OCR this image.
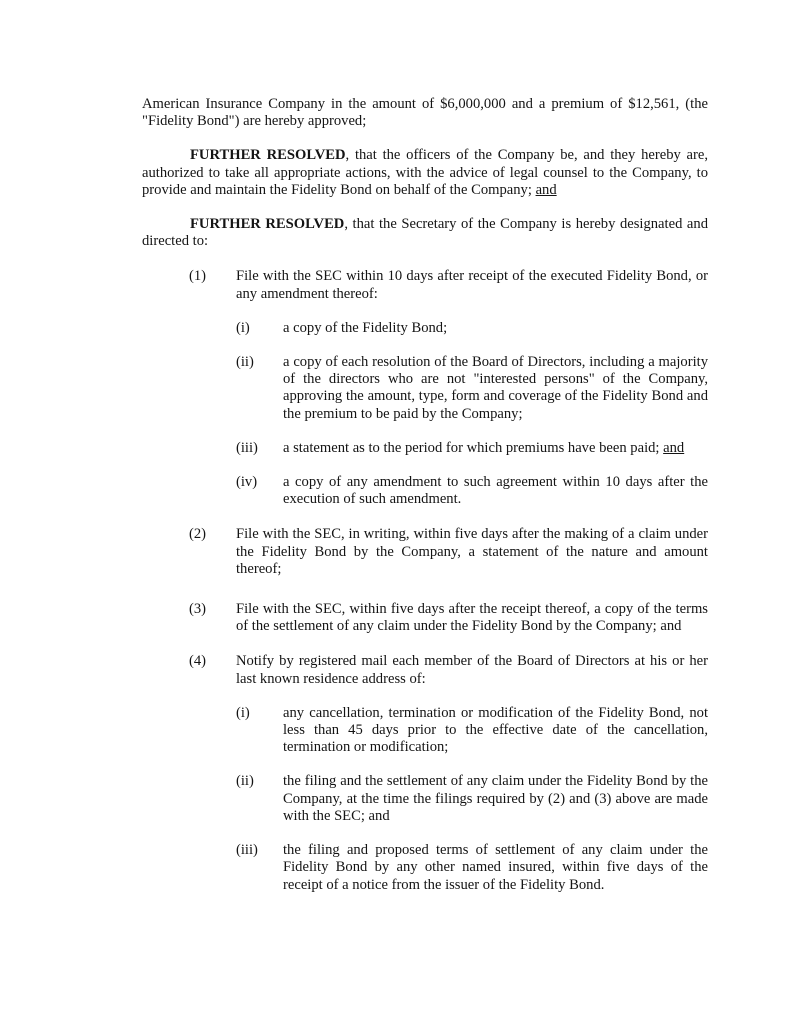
American Insurance Company in the amount of $6,000,000 and a premium of $12,561, (the "Fidelity Bond") are hereby approved;

FURTHER RESOLVED, that the officers of the Company be, and they hereby are, authorized to take all appropriate actions, with the advice of legal counsel to the Company, to provide and maintain the Fidelity Bond on behalf of the Company; and

FURTHER RESOLVED, that the Secretary of the Company is hereby designated and directed to:

(1) File with the SEC within 10 days after receipt of the executed Fidelity Bond, or any amendment thereof:

(i) a copy of the Fidelity Bond;

(ii) a copy of each resolution of the Board of Directors, including a majority of the directors who are not "interested persons" of the Company, approving the amount, type, form and coverage of the Fidelity Bond and the premium to be paid by the Company;

(iii) a statement as to the period for which premiums have been paid; and

(iv) a copy of any amendment to such agreement within 10 days after the execution of such amendment.

(2) File with the SEC, in writing, within five days after the making of a claim under the Fidelity Bond by the Company, a statement of the nature and amount thereof;

(3) File with the SEC, within five days after the receipt thereof, a copy of the terms of the settlement of any claim under the Fidelity Bond by the Company; and

(4) Notify by registered mail each member of the Board of Directors at his or her last known residence address of:

(i) any cancellation, termination or modification of the Fidelity Bond, not less than 45 days prior to the effective date of the cancellation, termination or modification;

(ii) the filing and the settlement of any claim under the Fidelity Bond by the Company, at the time the filings required by (2) and (3) above are made with the SEC; and

(iii) the filing and proposed terms of settlement of any claim under the Fidelity Bond by any other named insured, within five days of the receipt of a notice from the issuer of the Fidelity Bond.
